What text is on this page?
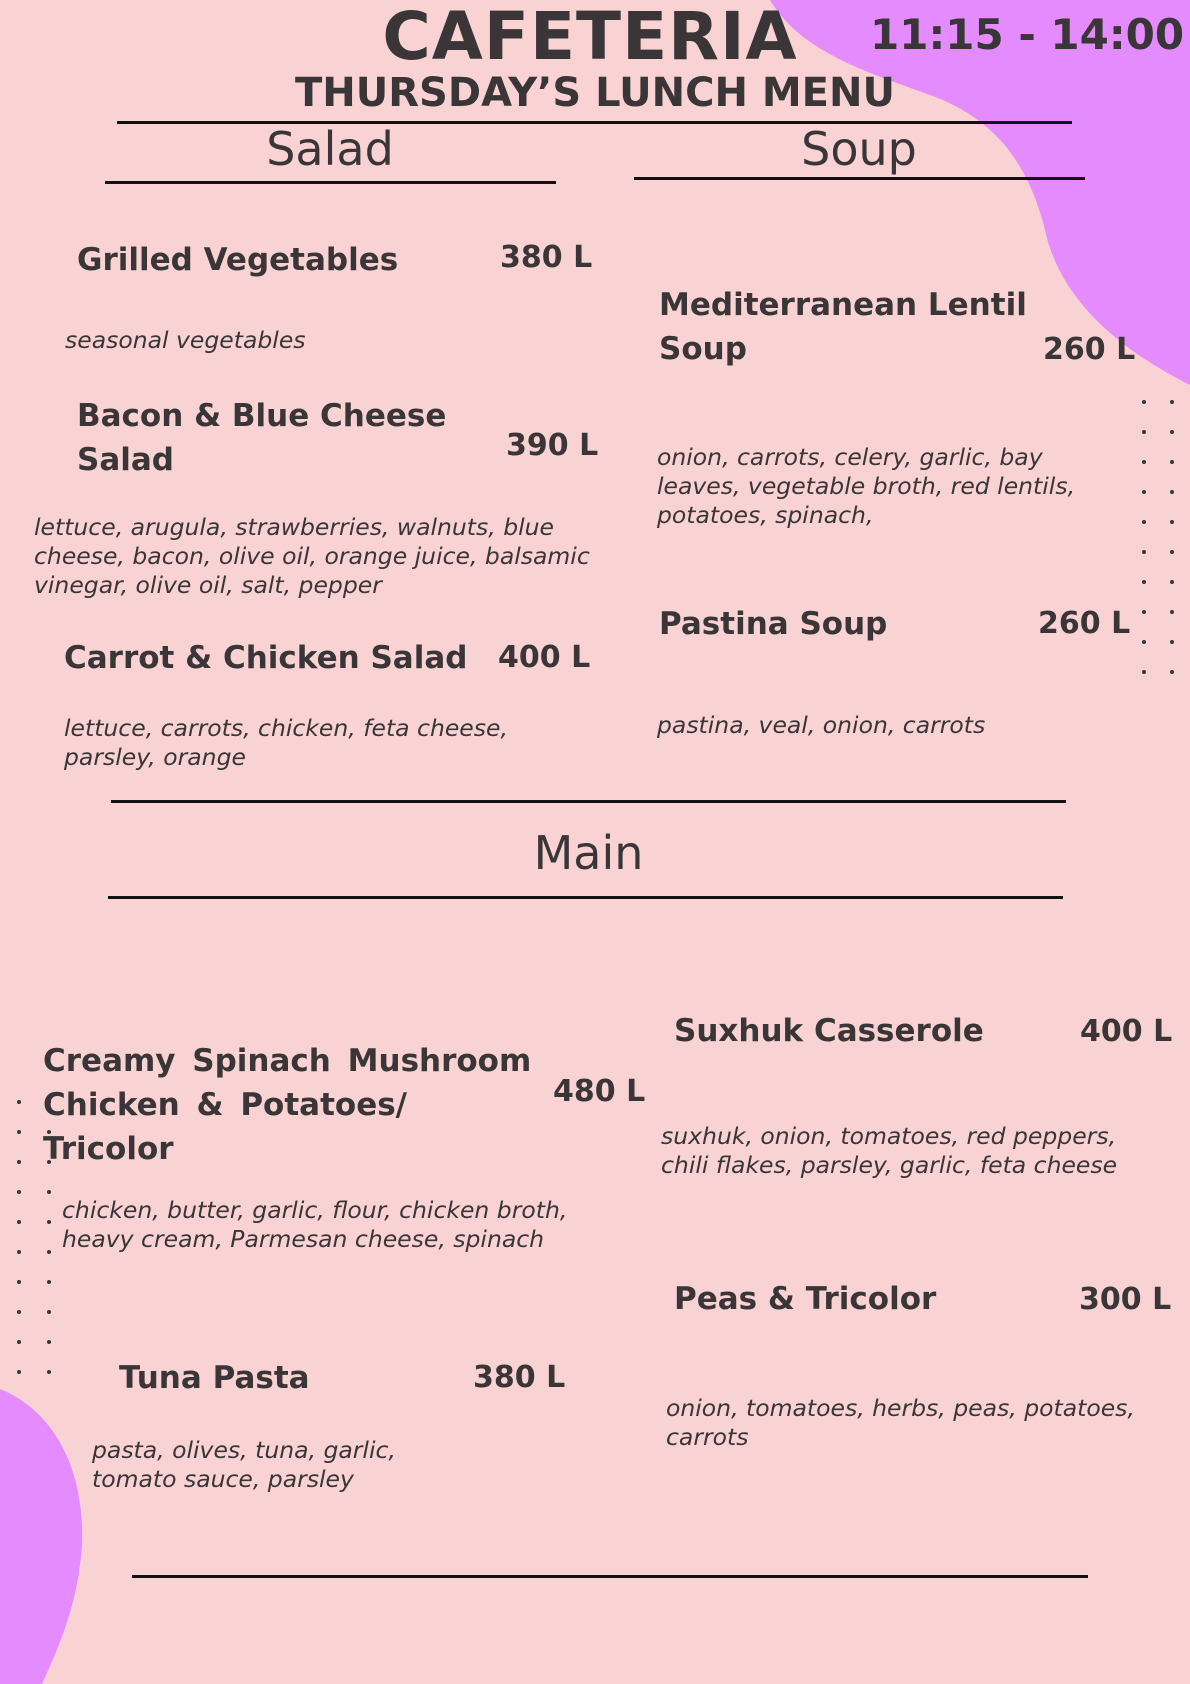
CAFETERIA	11:15 - 14:00
THURSDAY’S LUNCH MENU
Salad
Grilled Vegetables	380 L
seasonal vegetables
Bacon & Blue Cheese Salad	390 L
lettuce, arugula, strawberries, walnuts, blue cheese, bacon, olive oil, orange juice, balsamic vinegar, olive oil, salt, pepper
Carrot & Chicken Salad	400 L
lettuce, carrots, chicken, feta cheese, parsley, orange
Soup
Mediterranean Lentil Soup	260 L
onion, carrots, celery, garlic, bay leaves, vegetable broth, red lentils, potatoes, spinach,
Pastina Soup	260 L
pastina, veal, onion, carrots
Main
Creamy Spinach Mushroom Chicken & Potatoes/ Tricolor
480 L
chicken, butter, garlic, flour, chicken broth, heavy cream, Parmesan cheese, spinach
Tuna Pasta	380 L
pasta, olives, tuna, garlic, tomato sauce, parsley
Suxhuk Casserole	400 L
suxhuk, onion, tomatoes, red peppers, chili flakes, parsley, garlic, feta cheese
Peas & Tricolor	300 L
onion, tomatoes, herbs, peas, potatoes, carrots
